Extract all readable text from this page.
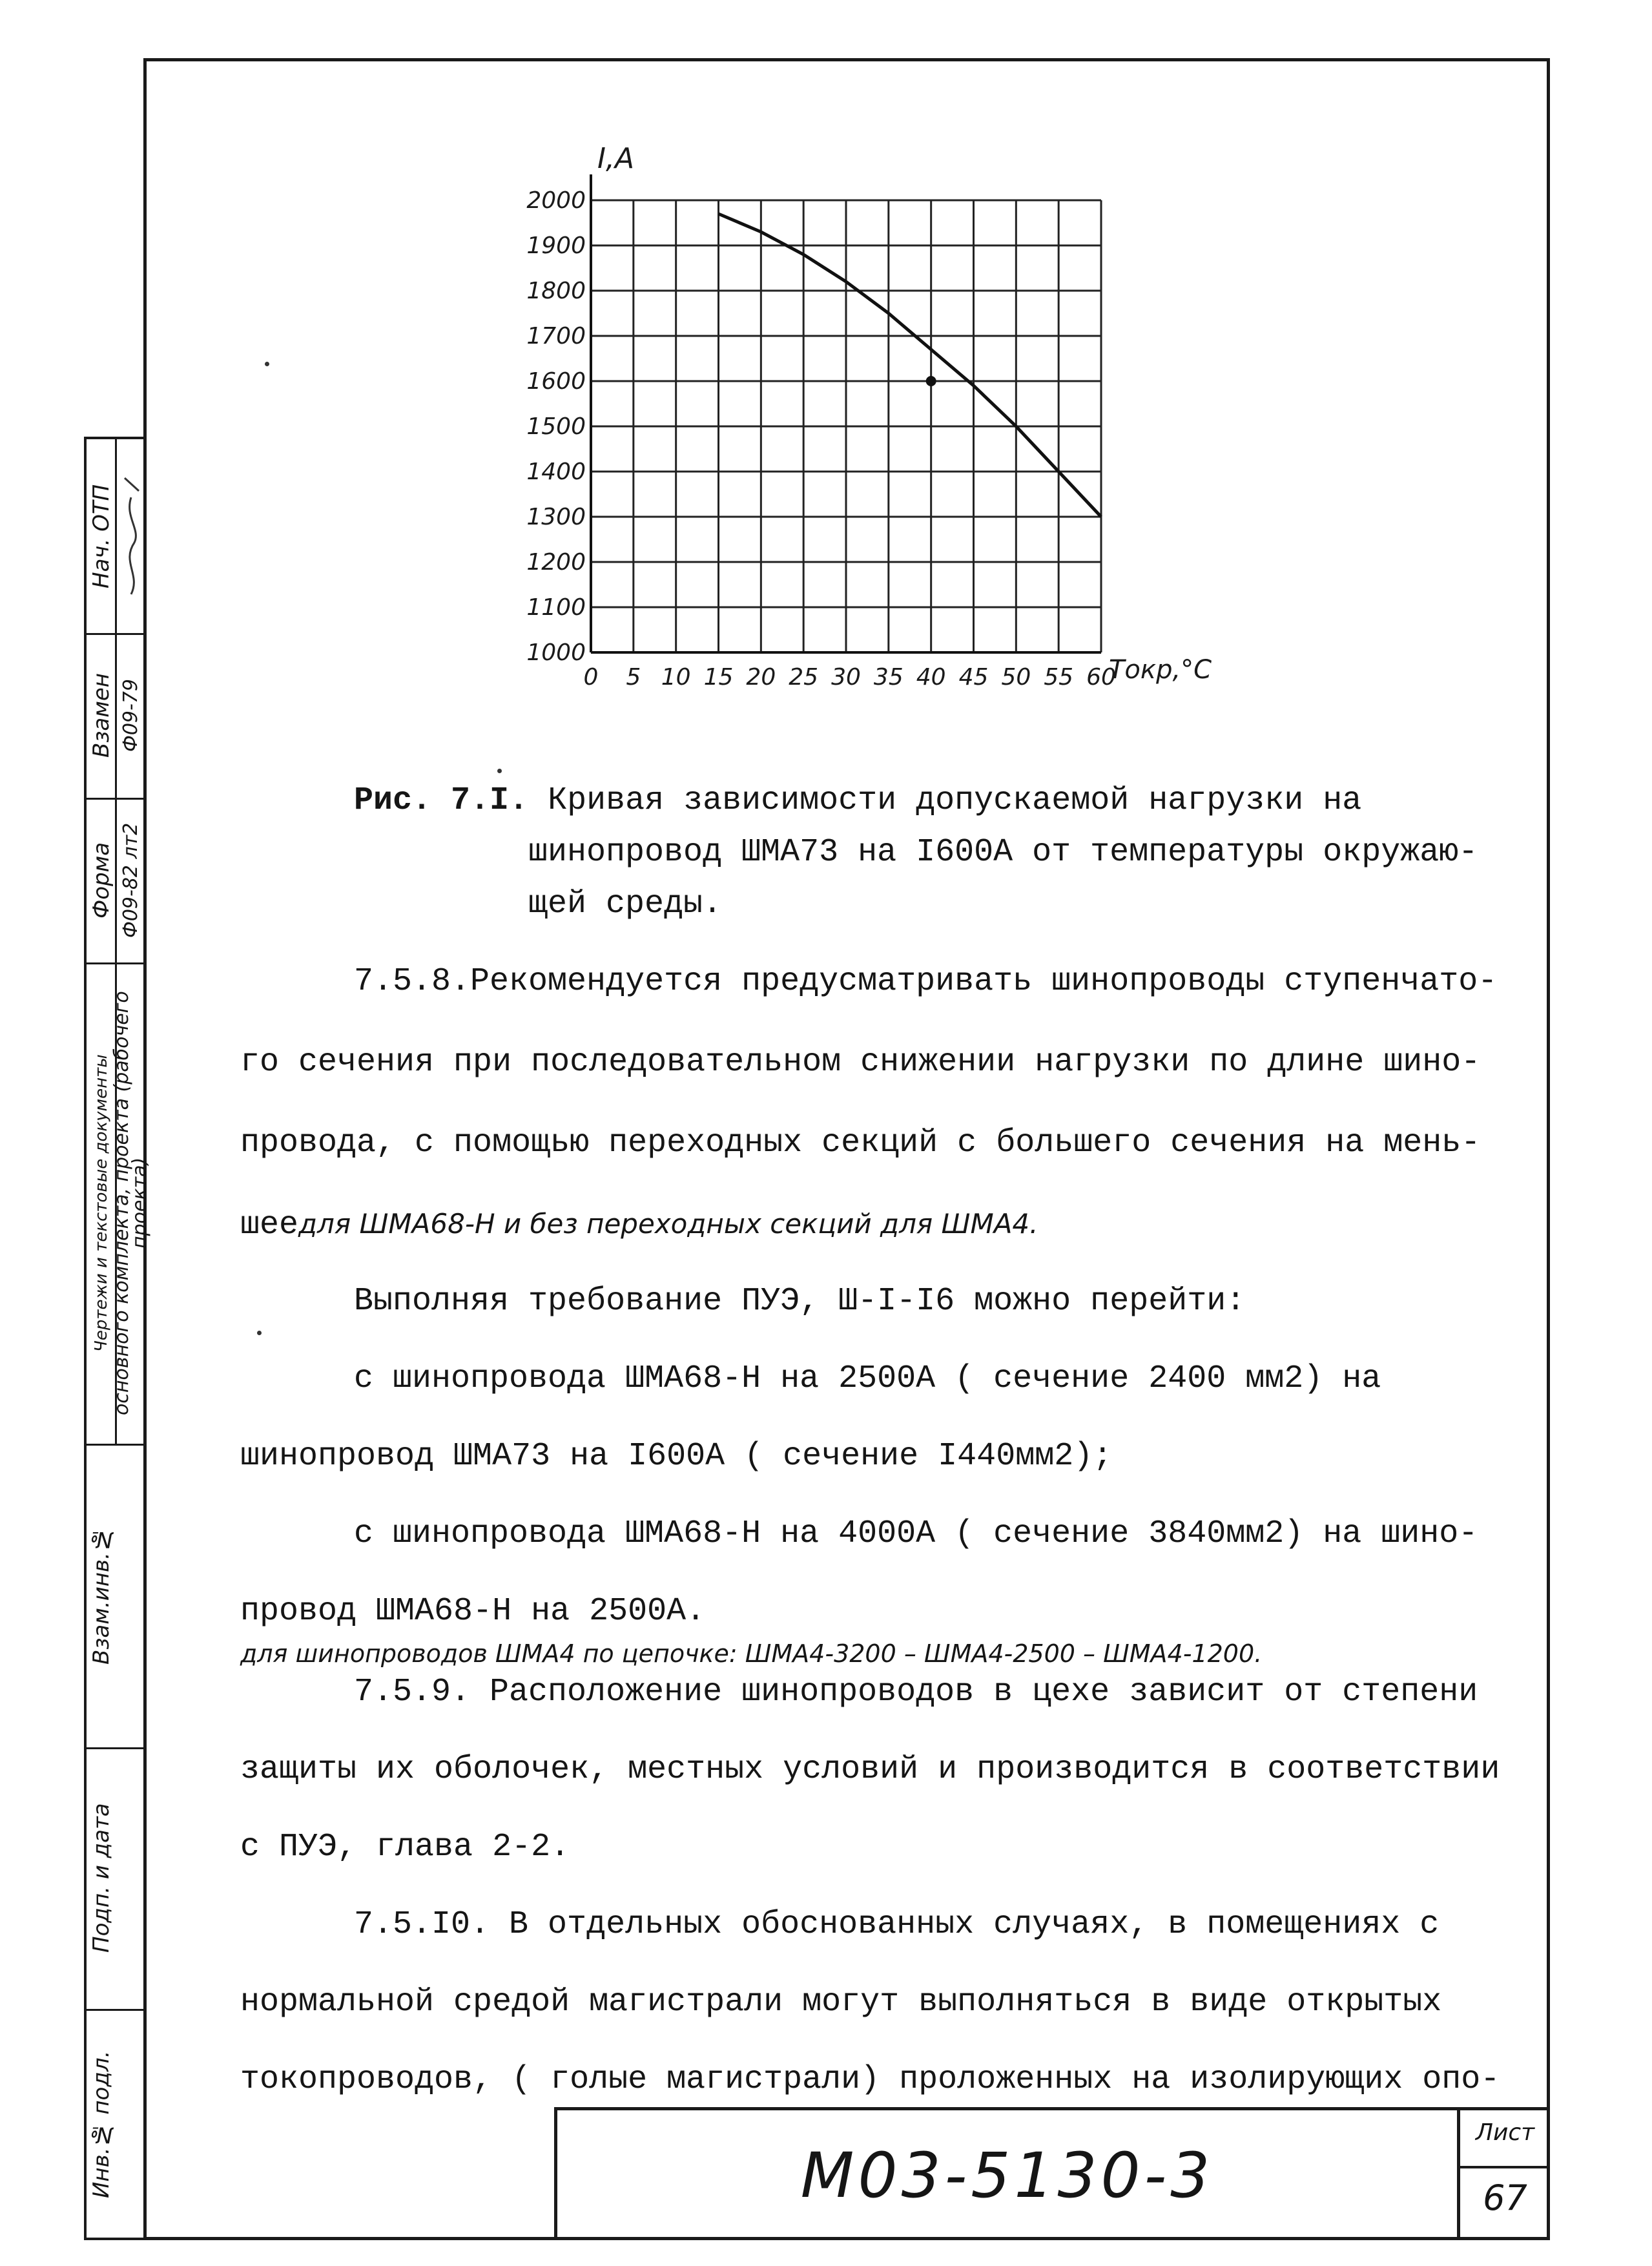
Нач. ОТП
Взамен Ф09-79
Форма Ф09-82 лт2
Чертежи и текстовые документы основного комплекта, проекта (рабочего проекта)
Взам.инв.№
Подп. и дата
Инв.№ подл.
1000
1100
1200
1300
1400
1500
1600
1700
1800
1900
2000
0 5 10 15 20 25 30 35 40 45 50 55 60
I,A
Токр,°C
Рис. 7.I. Кривая зависимости допускаемой нагрузки на
шинопровод ШМА73 на I600А от температуры окружаю-
щей среды.
7.5.8.Рекомендуется предусматривать шинопроводы ступенчато-
го сечения при последовательном снижении нагрузки по длине шино-
провода, с помощью переходных секций с большего сечения на мень-
шеедля ШМА68-Н и без переходных секций для ШМА4.
Выполняя требование ПУЭ, Ш-I-I6 можно перейти:
с шинопровода ШМА68-Н на 2500А ( сечение 2400 мм2) на
шинопровод ШМА73 на I600А ( сечение I440мм2);
с шинопровода ШМА68-Н на 4000А ( сечение 3840мм2) на шино-
провод ШМА68-Н на 2500А.
для шинопроводов ШМА4 по цепочке: ШМА4-3200 – ШМА4-2500 – ШМА4-1200.
7.5.9. Расположение шинопроводов в цехе зависит от степени
защиты их оболочек, местных условий и производится в соответствии
с ПУЭ, глава 2-2.
М03-5130-3
Лист
67
7.5.I0. В отдельных обоснованных случаях, в помещениях с
нормальной средой магистрали могут выполняться в виде открытых
токопроводов, ( голые магистрали) проложенных на изолирующих опо-
